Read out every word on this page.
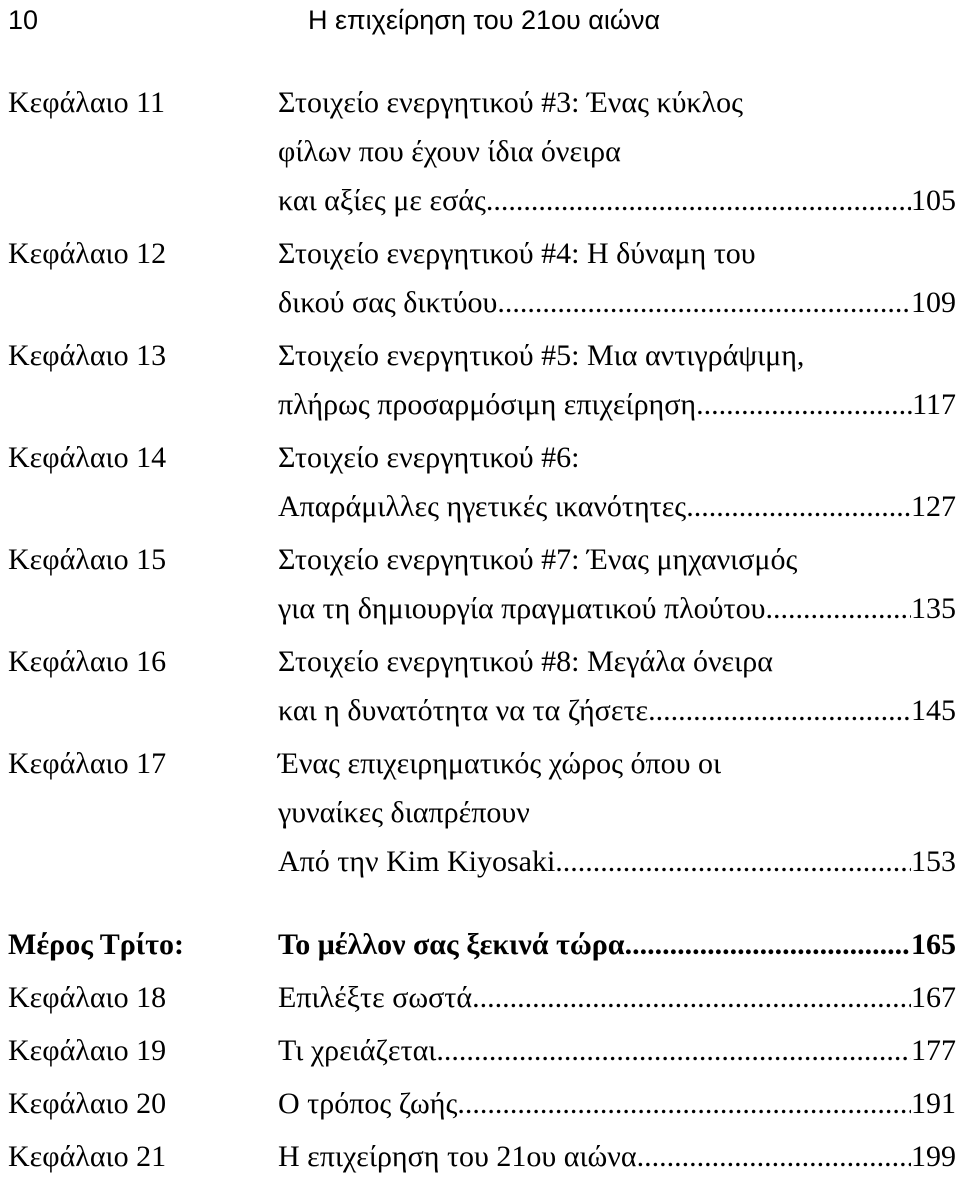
10	Η επιχείρηση του 21ου αιώνα
Κεφάλαιο 11	Στοιχείο ενεργητικού #3: Ένας κύκλος
φίλων που έχουν ίδια όνειρα
και αξίες με εσάς .....	105
Κεφάλαιο 12	Στοιχείο ενεργητικού #4: Η δύναμη του
δικού σας δικτύου .....	109
Κεφάλαιο 13	Στοιχείο ενεργητικού #5: Μια αντιγράψιμη,
πλήρως προσαρμόσιμη επιχείρηση .....	117
Κεφάλαιο 14	Στοιχείο ενεργητικού #6:
Απαράμιλλες ηγετικές ικανότητες .....	127
Κεφάλαιο 15	Στοιχείο ενεργητικού #7: Ένας μηχανισμός
για τη δημιουργία πραγματικού πλούτου .....	135
Κεφάλαιο 16	Στοιχείο ενεργητικού #8: Μεγάλα όνειρα
και η δυνατότητα να τα ζήσετε .....	145
Κεφάλαιο 17	Ένας επιχειρηματικός χώρος όπου οι
γυναίκες διαπρέπουν
Από την Kim Kiyosaki .....	153
Μέρος Τρίτο:	Το μέλλον σας ξεκινά τώρα .....	165
Κεφάλαιο 18	Επιλέξτε σωστά .....	167
Κεφάλαιο 19	Τι χρειάζεται .....	177
Κεφάλαιο 20	Ο τρόπος ζωής .....	191
Κεφάλαιο 21	Η επιχείρηση του 21ου αιώνα .....	199
